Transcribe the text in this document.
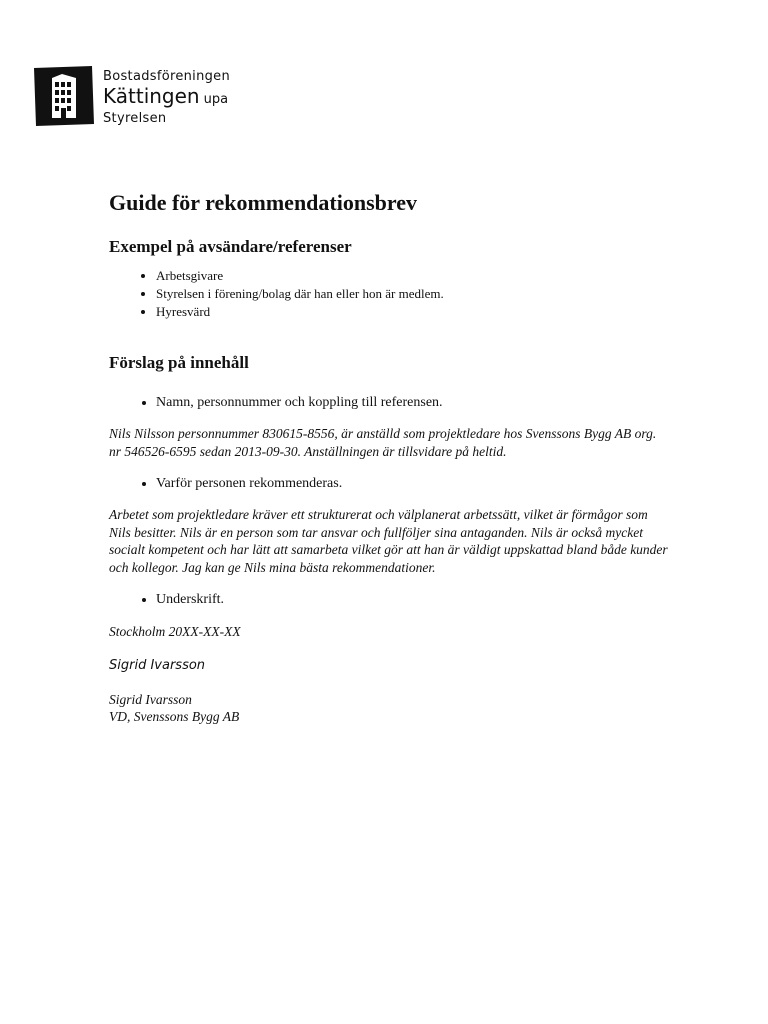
Bostadsföreningen
Kättingen upa
Styrelsen
Guide för rekommendationsbrev
Exempel på avsändare/referenser
• Arbetsgivare
• Styrelsen i förening/bolag där han eller hon är medlem.
• Hyresvärd
Förslag på innehåll
• Namn, personnummer och koppling till referensen.

Nils Nilsson personnummer 830615-8556, är anställd som projektledare hos Svenssons Bygg AB org. nr 546526-6595 sedan 2013-09-30. Anställningen är tillsvidare på heltid.

• Varför personen rekommenderas.

Arbetet som projektledare kräver ett strukturerat och välplanerat arbetssätt, vilket är förmågor som Nils besitter. Nils är en person som tar ansvar och fullföljer sina antaganden. Nils är också mycket socialt kompetent och har lätt att samarbeta vilket gör att han är väldigt uppskattad bland både kunder och kollegor. Jag kan ge Nils mina bästa rekommendationer.

• Underskrift.

Stockholm 20XX-XX-XX

Sigrid Ivarsson

Sigrid Ivarsson
VD, Svenssons Bygg AB
